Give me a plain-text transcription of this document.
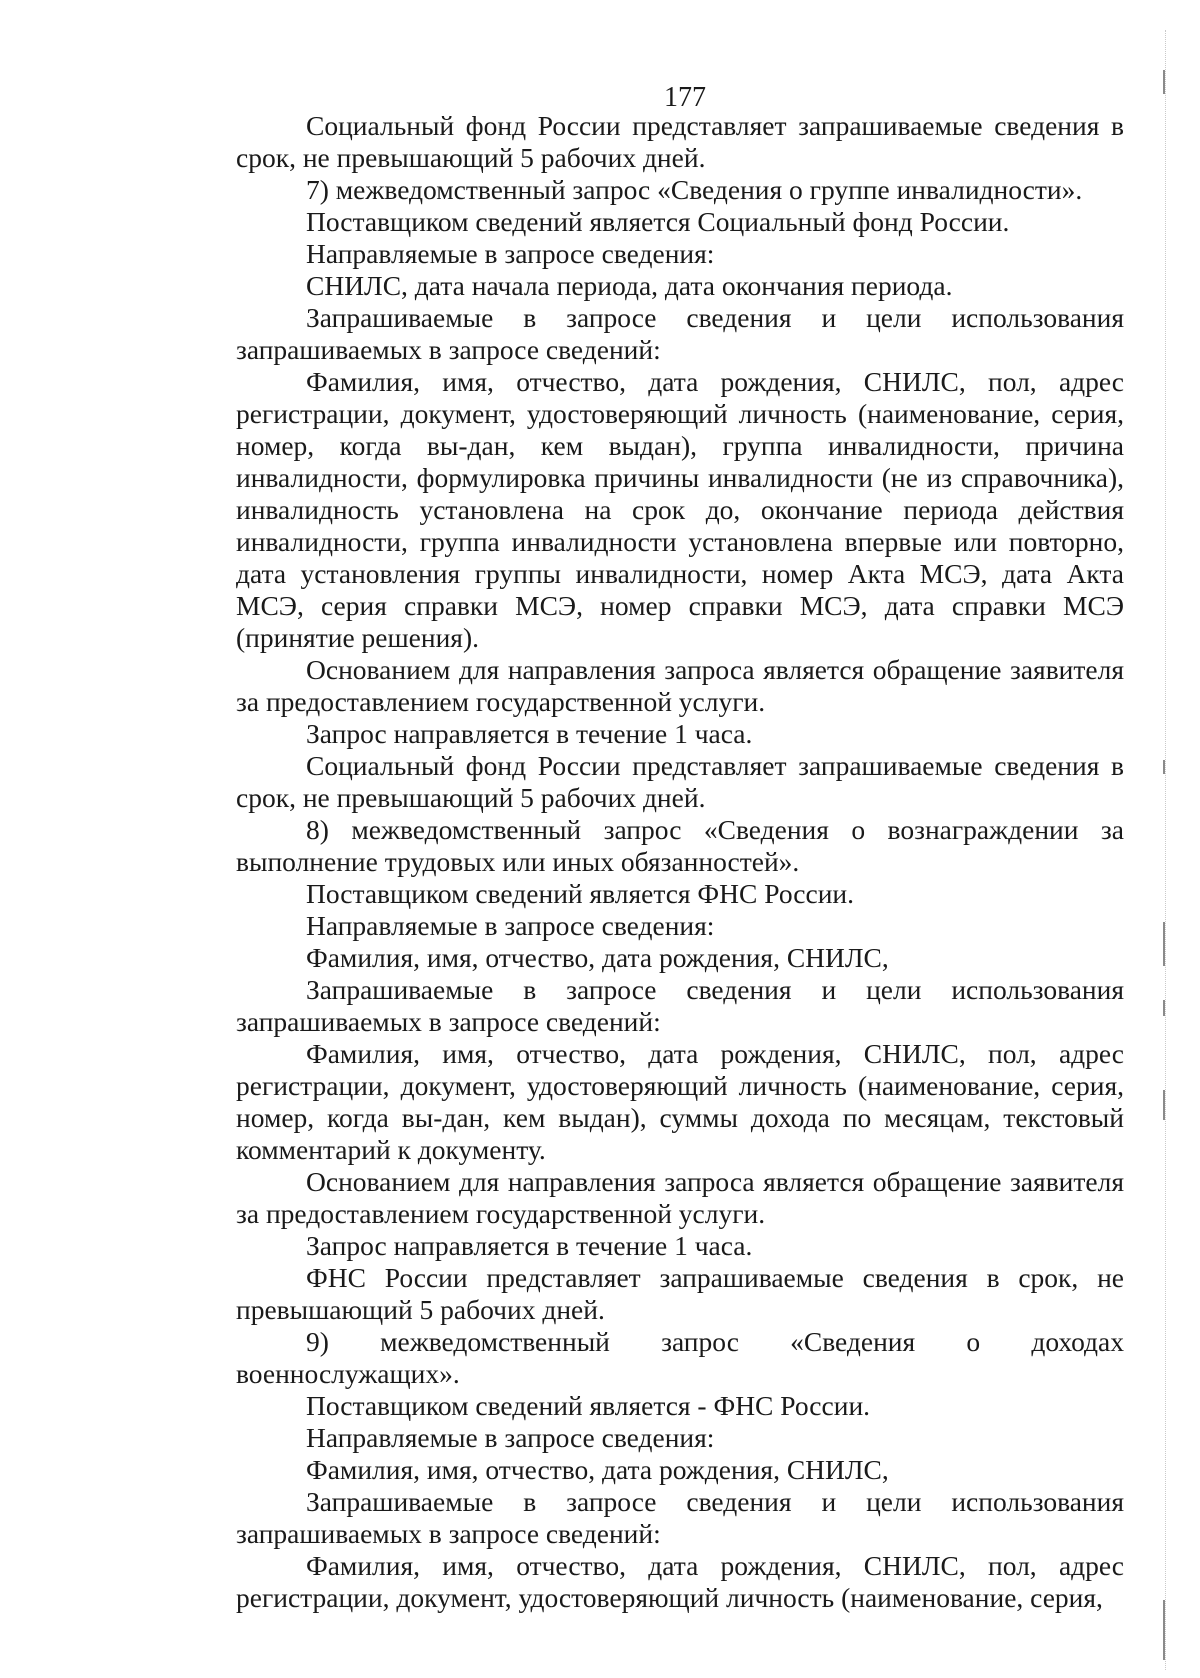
177

Социальный фонд России представляет запрашиваемые сведения в срок, не превышающий 5 рабочих дней.

7) межведомственный запрос «Сведения о группе инвалидности».

Поставщиком сведений является Социальный фонд России.

Направляемые в запросе сведения:

СНИЛС, дата начала периода, дата окончания периода.

Запрашиваемые в запросе сведения и цели использования запрашиваемых в запросе сведений:

Фамилия, имя, отчество, дата рождения, СНИЛС, пол, адрес регистрации, документ, удостоверяющий личность (наименование, серия, номер, когда вы-дан, кем выдан), группа инвалидности, причина инвалидности, формулировка причины инвалидности (не из справочника), инвалидность установлена на срок до, окончание периода действия инвалидности, группа инвалидности установлена впервые или повторно, дата установления группы инвалидности, номер Акта МСЭ, дата Акта МСЭ, серия справки МСЭ, номер справки МСЭ, дата справки МСЭ (принятие решения).

Основанием для направления запроса является обращение заявителя за предоставлением государственной услуги.

Запрос направляется в течение 1 часа.

Социальный фонд России представляет запрашиваемые сведения в срок, не превышающий 5 рабочих дней.

8) межведомственный запрос «Сведения о вознаграждении за выполнение трудовых или иных обязанностей».

Поставщиком сведений является ФНС России.

Направляемые в запросе сведения:

Фамилия, имя, отчество, дата рождения, СНИЛС,

Запрашиваемые в запросе сведения и цели использования запрашиваемых в запросе сведений:

Фамилия, имя, отчество, дата рождения, СНИЛС, пол, адрес регистрации, документ, удостоверяющий личность (наименование, серия, номер, когда вы-дан, кем выдан), суммы дохода по месяцам, текстовый комментарий к документу.

Основанием для направления запроса является обращение заявителя за предоставлением государственной услуги.

Запрос направляется в течение 1 часа.

ФНС России представляет запрашиваемые сведения в срок, не превышающий 5 рабочих дней.

9) межведомственный запрос «Сведения о доходах военнослужащих».

Поставщиком сведений является - ФНС России.

Направляемые в запросе сведения:

Фамилия, имя, отчество, дата рождения, СНИЛС,

Запрашиваемые в запросе сведения и цели использования запрашиваемых в запросе сведений:

Фамилия, имя, отчество, дата рождения, СНИЛС, пол, адрес регистрации, документ, удостоверяющий личность (наименование, серия,
